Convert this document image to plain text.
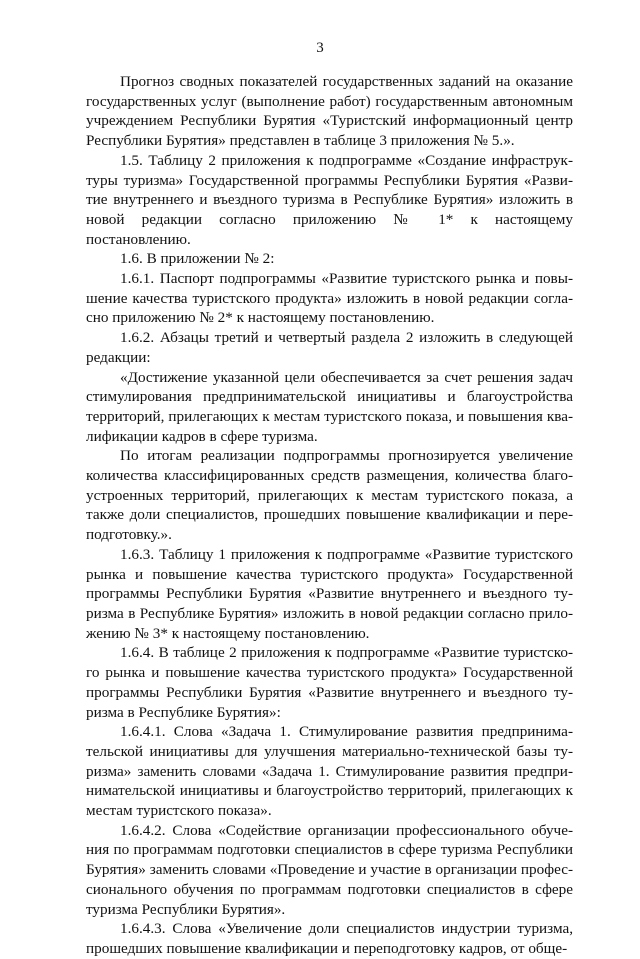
3

Прогноз сводных показателей государственных заданий на оказание государственных услуг (выполнение работ) государственным автономным учреждением Республики Бурятия «Туристский информационный центр Республики Бурятия» представлен в таблице 3 приложения № 5.».

1.5. Таблицу 2 приложения к подпрограмме «Создание инфраструктуры туризма» Государственной программы Республики Бурятия «Развитие внутреннего и въездного туризма в Республике Бурятия» изложить в новой редакции согласно приложению № 1* к настоящему постановлению.

1.6. В приложении № 2:

1.6.1. Паспорт подпрограммы «Развитие туристского рынка и повышение качества туристского продукта» изложить в новой редакции согласно приложению № 2* к настоящему постановлению.

1.6.2. Абзацы третий и четвертый раздела 2 изложить в следующей редакции:

«Достижение указанной цели обеспечивается за счет решения задач стимулирования предпринимательской инициативы и благоустройства территорий, прилегающих к местам туристского показа, и повышения квалификации кадров в сфере туризма.

По итогам реализации подпрограммы прогнозируется увеличение количества классифицированных средств размещения, количества благоустроенных территорий, прилегающих к местам туристского показа, а также доли специалистов, прошедших повышение квалификации и переподготовку.».

1.6.3. Таблицу 1 приложения к подпрограмме «Развитие туристского рынка и повышение качества туристского продукта» Государственной программы Республики Бурятия «Развитие внутреннего и въездного туризма в Республике Бурятия» изложить в новой редакции согласно приложению № 3* к настоящему постановлению.

1.6.4. В таблице 2 приложения к подпрограмме «Развитие туристского рынка и повышение качества туристского продукта» Государственной программы Республики Бурятия «Развитие внутреннего и въездного туризма в Республике Бурятия»:

1.6.4.1. Слова «Задача 1. Стимулирование развития предпринимательской инициативы для улучшения материально-технической базы туризма» заменить словами «Задача 1. Стимулирование развития предпринимательской инициативы и благоустройство территорий, прилегающих к местам туристского показа».

1.6.4.2. Слова «Содействие организации профессионального обучения по программам подготовки специалистов в сфере туризма Республики Бурятия» заменить словами «Проведение и участие в организации профессионального обучения по программам подготовки специалистов в сфере туризма Республики Бурятия».

1.6.4.3. Слова «Увеличение доли специалистов индустрии туризма, прошедших повышение квалификации и переподготовку кадров, от обще-
